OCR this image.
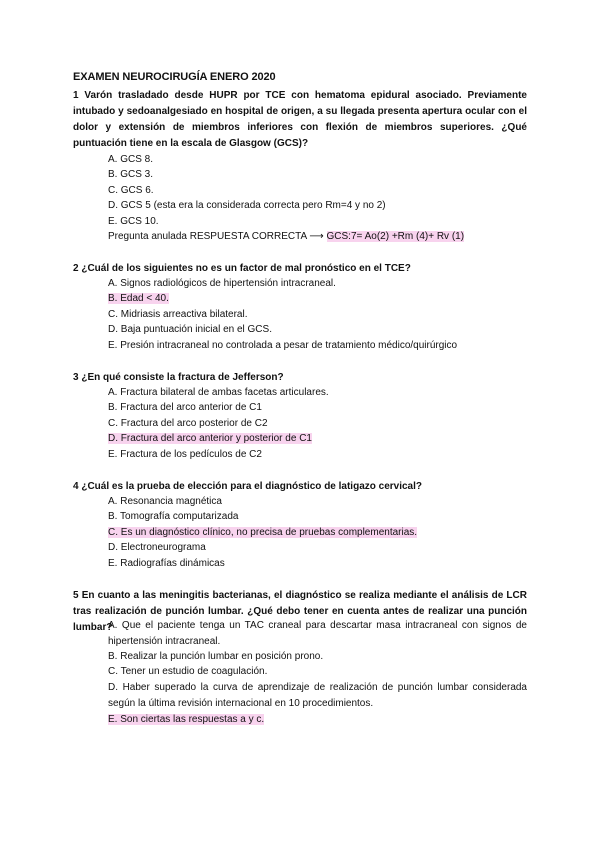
EXAMEN NEUROCIRUGÍA ENERO 2020
1 Varón trasladado desde HUPR por TCE con hematoma epidural asociado. Previamente intubado y sedoanalgesiado en hospital de origen, a su llegada presenta apertura ocular con el dolor y extensión de miembros inferiores con flexión de miembros superiores. ¿Qué puntuación tiene en la escala de Glasgow (GCS)?
A. GCS 8.
B. GCS 3.
C. GCS 6.
D. GCS 5 (esta era la considerada correcta pero Rm=4 y no 2)
E. GCS 10.
Pregunta anulada RESPUESTA CORRECTA ⟶ GCS:7= Ao(2) +Rm (4)+ Rv (1)
2 ¿Cuál de los siguientes no es un factor de mal pronóstico en el TCE?
A. Signos radiológicos de hipertensión intracraneal.
B. Edad < 40.
C. Midriasis arreactiva bilateral.
D. Baja puntuación inicial en el GCS.
E. Presión intracraneal no controlada a pesar de tratamiento médico/quirúrgico
3 ¿En qué consiste la fractura de Jefferson?
A. Fractura bilateral de ambas facetas articulares.
B. Fractura del arco anterior de C1
C. Fractura del arco posterior de C2
D. Fractura del arco anterior y posterior de C1
E. Fractura de los pedículos de C2
4 ¿Cuál es la prueba de elección para el diagnóstico de latigazo cervical?
A. Resonancia magnética
B. Tomografía computarizada
C. Es un diagnóstico clínico, no precisa de pruebas complementarias.
D. Electroneurograma
E. Radiografías dinámicas
5 En cuanto a las meningitis bacterianas, el diagnóstico se realiza mediante el análisis de LCR tras realización de punción lumbar. ¿Qué debo tener en cuenta antes de realizar una punción lumbar?
A. Que el paciente tenga un TAC craneal para descartar masa intracraneal con signos de hipertensión intracraneal.
B. Realizar la punción lumbar en posición prono.
C. Tener un estudio de coagulación.
D. Haber superado la curva de aprendizaje de realización de punción lumbar considerada según la última revisión internacional en 10 procedimientos.
E. Son ciertas las respuestas a y c.
